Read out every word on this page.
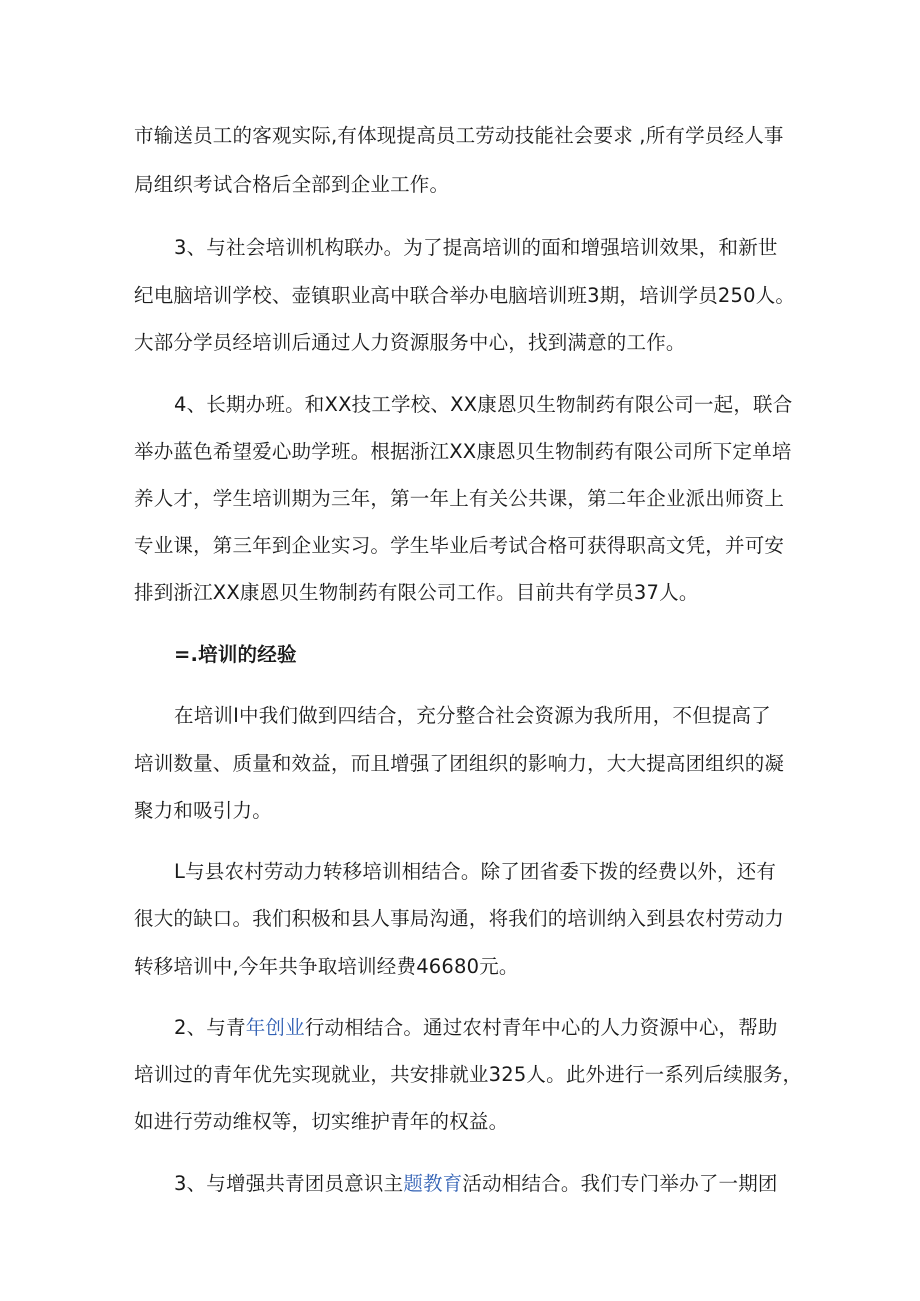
市输送员工的客观实际,有体现提高员工劳动技能社会要求 ,所有学员经人事
局组织考试合格后全部到企业工作。
3、与社会培训机构联办。为了提高培训的面和增强培训效果，和新世
纪电脑培训学校、壶镇职业高中联合举办电脑培训班3期，培训学员250人。
大部分学员经培训后通过人力资源服务中心，找到满意的工作。
4、长期办班。和XX技工学校、XX康恩贝生物制药有限公司一起，联合
举办蓝色希望爱心助学班。根据浙江XX康恩贝生物制药有限公司所下定单培
养人才，学生培训期为三年，第一年上有关公共课，第二年企业派出师资上
专业课，第三年到企业实习。学生毕业后考试合格可获得职高文凭，并可安
排到浙江XX康恩贝生物制药有限公司工作。目前共有学员37人。
=.培训的经验
在培训I中我们做到四结合，充分整合社会资源为我所用，不但提高了
培训数量、质量和效益，而且增强了团组织的影响力，大大提高团组织的凝
聚力和吸引力。
L与县农村劳动力转移培训相结合。除了团省委下拨的经费以外，还有
很大的缺口。我们积极和县人事局沟通，将我们的培训纳入到县农村劳动力
转移培训中,今年共争取培训经费46680元。
2、与青年创业行动相结合。通过农村青年中心的人力资源中心，帮助
培训过的青年优先实现就业，共安排就业325人。此外进行一系列后续服务，
如进行劳动维权等，切实维护青年的权益。
3、与增强共青团员意识主题教育活动相结合。我们专门举办了一期团
